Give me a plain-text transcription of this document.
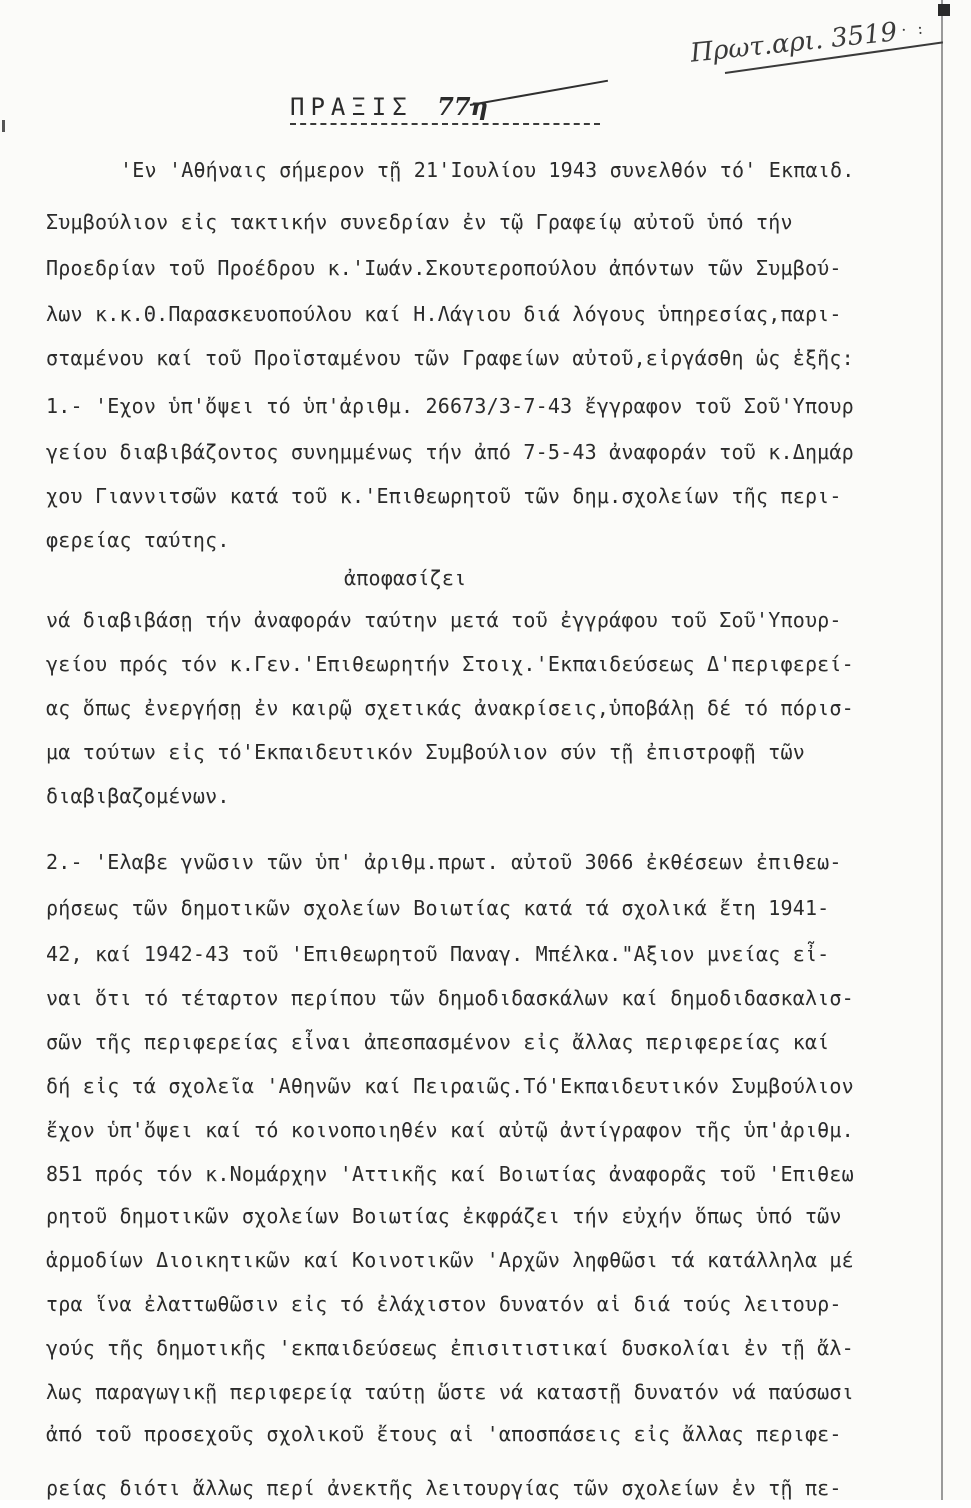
Πρωτ.αρι. 3519 · :
ΠΡΑΞΙΣ 77η
'Εν 'Αθήναις σήμερον τῇ 21'Ιουλίου 1943 συνελθόν τό' Εκπαιδ.
Συμβούλιον εἰς τακτικήν συνεδρίαν ἐν τῷ Γραφείῳ αὐτοῦ ὑπό τήν
Προεδρίαν τοῦ Προέδρου κ.'Ιωάν.Σκουτεροπούλου ἀπόντων τῶν Συμβού-
λων κ.κ.Θ.Παρασκευοπούλου καί Η.Λάγιου διά λόγους ὑπηρεσίας,παρι-
σταμένου καί τοῦ Προϊσταμένου τῶν Γραφείων αὐτοῦ,εἰργάσθη ὡς ἑξῆς:
1.- 'Εχον ὑπ'ὄψει τό ὑπ'ἀριθμ. 26673/3-7-43 ἔγγραφον τοῦ Σοῦ'Υπουρ
γείου διαβιβάζοντος συνημμένως τήν ἀπό 7-5-43 ἀναφοράν τοῦ κ.Δημάρ
χου Γιαννιτσῶν κατά τοῦ κ.'Επιθεωρητοῦ τῶν δημ.σχολείων τῆς περι-
φερείας ταύτης.
ἀποφασίζει
νά διαβιβάσῃ τήν ἀναφοράν ταύτην μετά τοῦ ἐγγράφου τοῦ Σοῦ'Υπουρ-
γείου πρός τόν κ.Γεν.'Επιθεωρητήν Στοιχ.'Εκπαιδεύσεως Δ'περιφερεί-
ας ὅπως ἐνεργήσῃ ἐν καιρῷ σχετικάς ἀνακρίσεις,ὑποβάλῃ δέ τό πόρισ-
μα τούτων εἰς τό'Εκπαιδευτικόν Συμβούλιον σύν τῇ ἐπιστροφῇ τῶν
διαβιβαζομένων.
2.- 'Ελαβε γνῶσιν τῶν ὑπ' ἀριθμ.πρωτ. αὐτοῦ 3066 ἐκθέσεων ἐπιθεω-
ρήσεως τῶν δημοτικῶν σχολείων Βοιωτίας κατά τά σχολικά ἔτη 1941-
42, καί 1942-43 τοῦ 'Επιθεωρητοῦ Παναγ. Μπέλκα."Αξιον μνείας εἶ-
ναι ὅτι τό τέταρτον περίπου τῶν δημοδιδασκάλων καί δημοδιδασκαλισ-
σῶν τῆς περιφερείας εἶναι ἀπεσπασμένον εἰς ἄλλας περιφερείας καί
δή εἰς τά σχολεῖα 'Αθηνῶν καί Πειραιῶς.Τό'Εκπαιδευτικόν Συμβούλιον
ἔχον ὑπ'ὄψει καί τό κοινοποιηθέν καί αὐτῷ ἀντίγραφον τῆς ὑπ'ἀριθμ.
851 πρός τόν κ.Νομάρχην 'Αττικῆς καί Βοιωτίας ἀναφορᾶς τοῦ 'Επιθεω
ρητοῦ δημοτικῶν σχολείων Βοιωτίας ἐκφράζει τήν εὐχήν ὅπως ὑπό τῶν
ἁρμοδίων Διοικητικῶν καί Κοινοτικῶν 'Αρχῶν ληφθῶσι τά κατάλληλα μέ
τρα ἵνα ἐλαττωθῶσιν εἰς τό ἐλάχιστον δυνατόν αἱ διά τούς λειτουρ-
γούς τῆς δημοτικῆς 'εκπαιδεύσεως ἐπισιτιστικαί δυσκολίαι ἐν τῇ ἄλ-
λως παραγωγικῇ περιφερείᾳ ταύτῃ ὥστε νά καταστῇ δυνατόν νά παύσωσι
ἀπό τοῦ προσεχοῦς σχολικοῦ ἔτους αἱ 'αποσπάσεις εἰς ἄλλας περιφε-
ρείας διότι ἄλλως περί ἀνεκτῆς λειτουργίας τῶν σχολείων ἐν τῇ πε-
